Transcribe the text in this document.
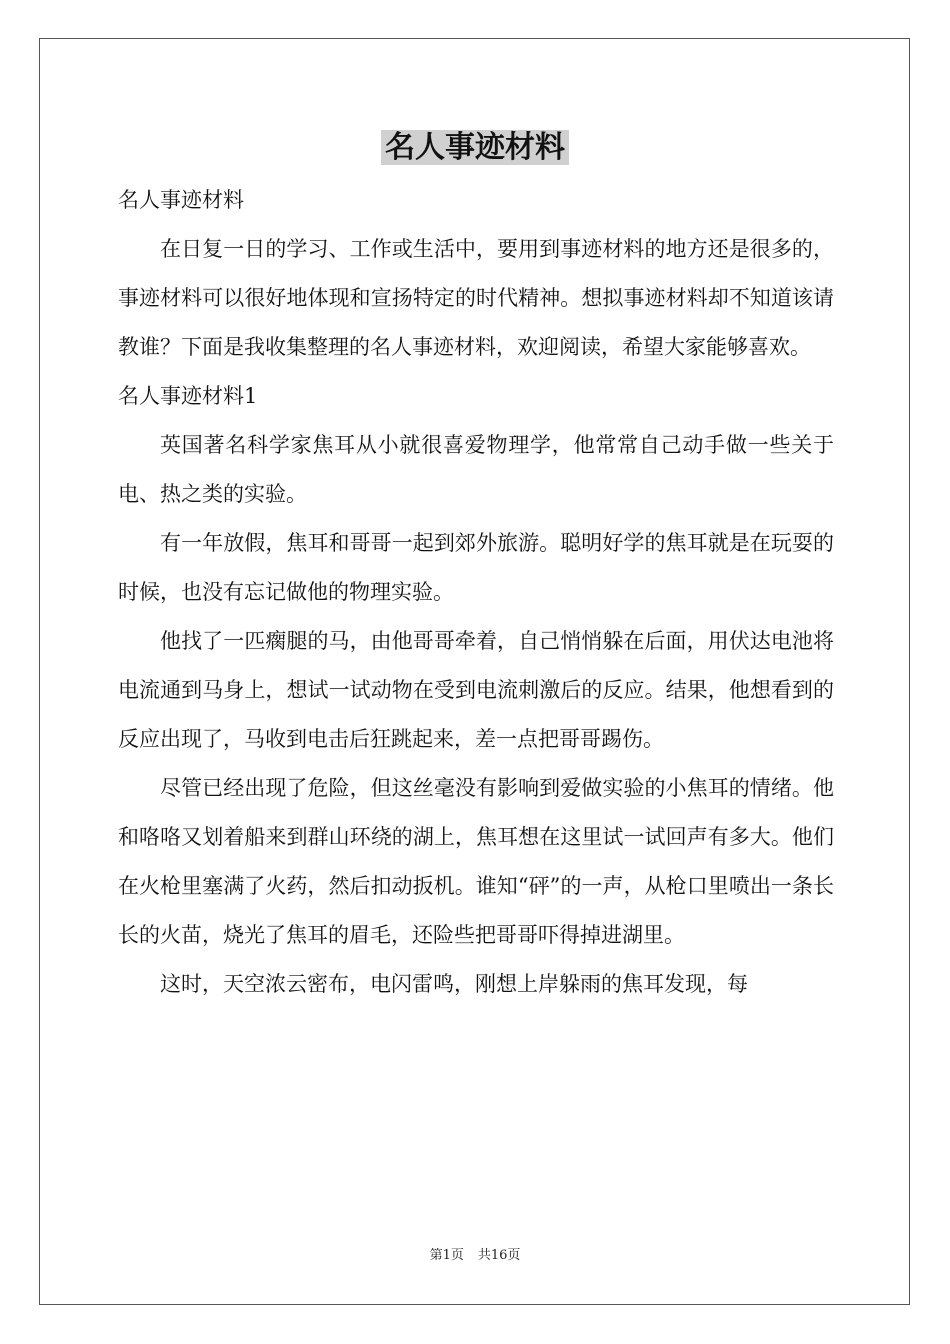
名人事迹材料

名人事迹材料

在日复一日的学习、工作或生活中，要用到事迹材料的地方还是很多的，事迹材料可以很好地体现和宣扬特定的时代精神。想拟事迹材料却不知道该请教谁？下面是我收集整理的名人事迹材料，欢迎阅读，希望大家能够喜欢。

名人事迹材料1

英国著名科学家焦耳从小就很喜爱物理学，他常常自己动手做一些关于电、热之类的实验。

有一年放假，焦耳和哥哥一起到郊外旅游。聪明好学的焦耳就是在玩耍的时候，也没有忘记做他的物理实验。

他找了一匹瘸腿的马，由他哥哥牵着，自己悄悄躲在后面，用伏达电池将电流通到马身上，想试一试动物在受到电流刺激后的反应。结果，他想看到的反应出现了，马收到电击后狂跳起来，差一点把哥哥踢伤。

尽管已经出现了危险，但这丝毫没有影响到爱做实验的小焦耳的情绪。他和咯咯又划着船来到群山环绕的湖上，焦耳想在这里试一试回声有多大。他们在火枪里塞满了火药，然后扣动扳机。谁知“砰”的一声，从枪口里喷出一条长长的火苗，烧光了焦耳的眉毛，还险些把哥哥吓得掉进湖里。

这时，天空浓云密布，电闪雷鸣，刚想上岸躲雨的焦耳发现，每

第1页 共16页
